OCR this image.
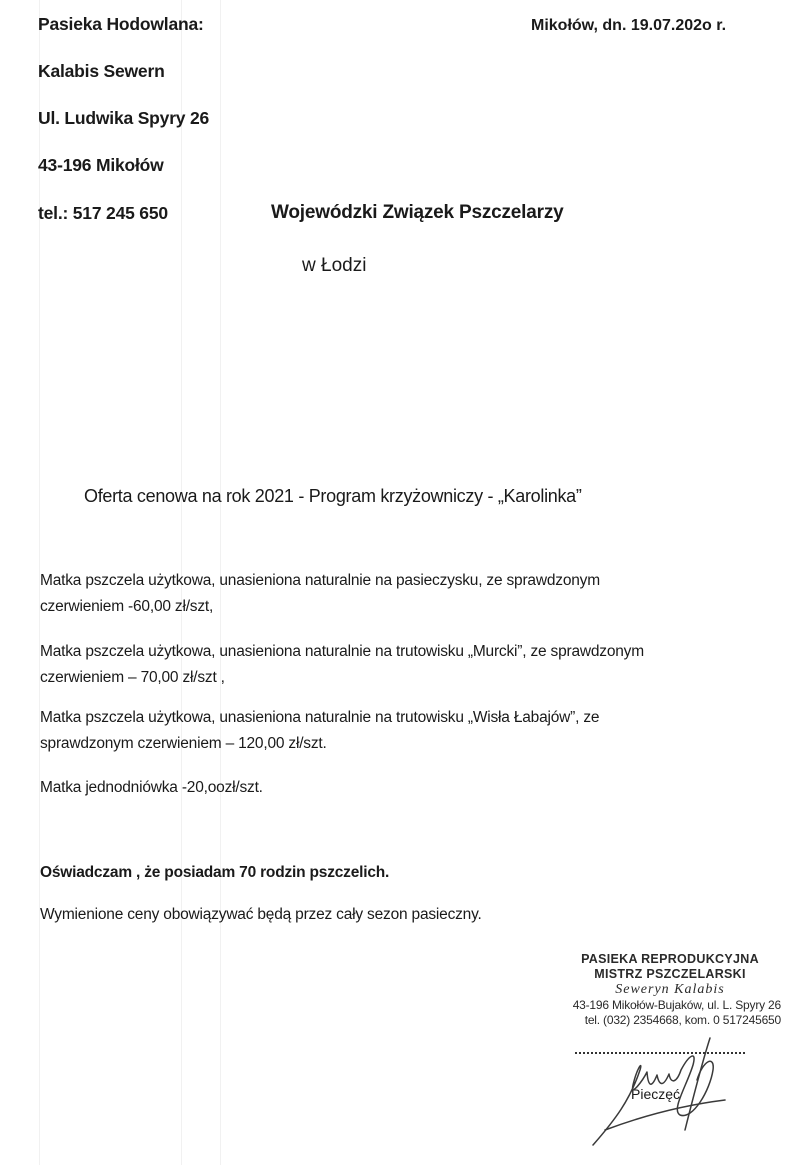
Pasieka Hodowlana:
Kalabis Sewern
Ul. Ludwika Spyry 26
43-196 Mikołów
tel.: 517 245 650
Mikołów, dn. 19.07.202o r.
Wojewódzki Związek Pszczelarzy
w Łodzi
Oferta cenowa na rok 2021 - Program krzyżowniczy - „Karolinka”
Matka pszczela użytkowa, unasieniona naturalnie na pasieczysku, ze sprawdzonym
czerwieniem -60,00 zł/szt,
Matka pszczela użytkowa, unasieniona naturalnie na trutowisku „Murcki”, ze sprawdzonym
czerwieniem – 70,00 zł/szt ,
Matka pszczela użytkowa, unasieniona naturalnie na trutowisku „Wisła Łabajów”, ze
sprawdzonym czerwieniem – 120,00 zł/szt.
Matka jednodniówka -20,oozł/szt.
Oświadczam , że posiadam 70 rodzin pszczelich.
Wymienione ceny obowiązywać będą przez cały sezon pasieczny.
PASIEKA REPRODUKCYJNA
MISTRZ PSZCZELARSKI
Seweryn Kalabis
43-196 Mikołów-Bujaków, ul. L. Spyry 26
tel. (032) 2354668, kom. 0 517245650
Pieczęć
